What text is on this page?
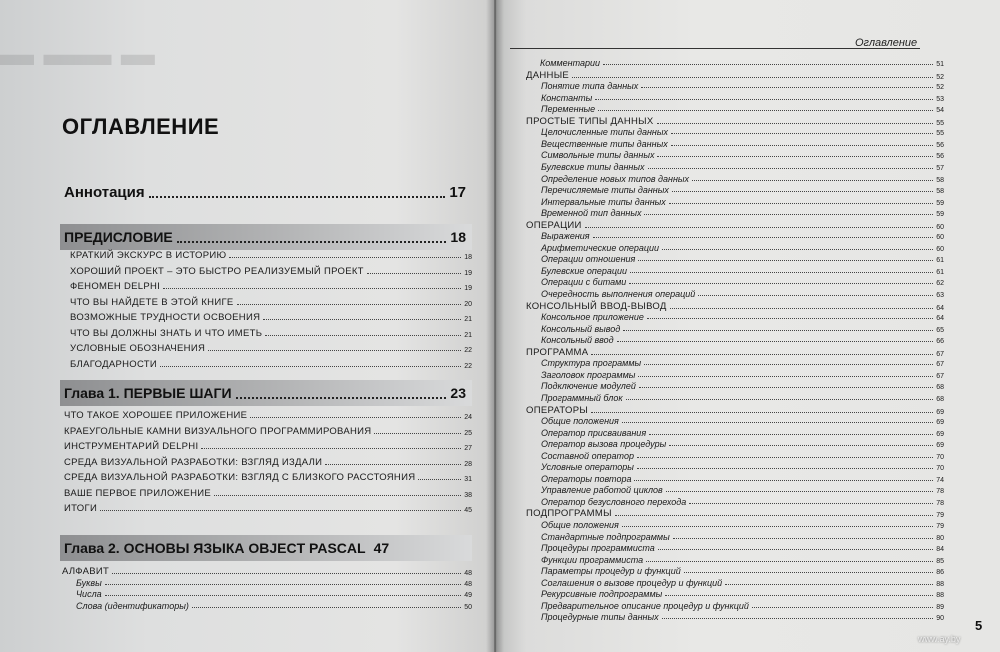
▬ ▬▬ ▬
ОГЛАВЛЕНИЕ
Аннотация	17
ПРЕДИСЛОВИЕ	18
КРАТКИЙ ЭКСКУРС В ИСТОРИЮ	18
ХОРОШИЙ ПРОЕКТ – ЭТО БЫСТРО РЕАЛИЗУЕМЫЙ ПРОЕКТ	19
ФЕНОМЕН DELPHI	19
ЧТО ВЫ НАЙДЕТЕ В ЭТОЙ КНИГЕ	20
ВОЗМОЖНЫЕ ТРУДНОСТИ ОСВОЕНИЯ	21
ЧТО ВЫ ДОЛЖНЫ ЗНАТЬ И ЧТО ИМЕТЬ	21
УСЛОВНЫЕ ОБОЗНАЧЕНИЯ	22
БЛАГОДАРНОСТИ	22
Глава 1. ПЕРВЫЕ ШАГИ	23
ЧТО ТАКОЕ ХОРОШЕЕ ПРИЛОЖЕНИЕ	24
КРАЕУГОЛЬНЫЕ КАМНИ ВИЗУАЛЬНОГО ПРОГРАММИРОВАНИЯ	25
ИНСТРУМЕНТАРИЙ DELPHI	27
СРЕДА ВИЗУАЛЬНОЙ РАЗРАБОТКИ: ВЗГЛЯД ИЗДАЛИ	28
СРЕДА ВИЗУАЛЬНОЙ РАЗРАБОТКИ: ВЗГЛЯД С БЛИЗКОГО РАССТОЯНИЯ	31
ВАШЕ ПЕРВОЕ ПРИЛОЖЕНИЕ	38
ИТОГИ	45
Глава 2. ОСНОВЫ ЯЗЫКА OBJECT PASCAL 47
АЛФАВИТ	48
Буквы	48
Числа	49
Слова (идентификаторы)	50
Комментарии	51
ДАННЫЕ	52
Понятие типа данных	52
Константы	53
Переменные	54
ПРОСТЫЕ ТИПЫ ДАННЫХ	55
Целочисленные типы данных	55
Вещественные типы данных	56
Символьные типы данных	56
Булевские типы данных	57
Определение новых типов данных	58
Перечисляемые типы данных	58
Интервальные типы данных	59
Временной тип данных	59
ОПЕРАЦИИ	60
Выражения	60
Арифметические операции	60
Операции отношения	61
Булевские операции	61
Операции с битами	62
Очередность выполнения операций	63
КОНСОЛЬНЫЙ ВВОД-ВЫВОД	64
Консольное приложение	64
Консольный вывод	65
Консольный ввод	66
ПРОГРАММА	67
Структура программы	67
Заголовок программы	67
Подключение модулей	68
Программный блок	68
ОПЕРАТОРЫ	69
Общие положения	69
Оператор присваивания	69
Оператор вызова процедуры	69
Составной оператор	70
Условные операторы	70
Операторы повтора	74
Управление работой циклов	78
Оператор безусловного перехода	78
ПОДПРОГРАММЫ	79
Общие положения	79
Стандартные подпрограммы	80
Процедуры программиста	84
Функции программиста	85
Параметры процедур и функций	86
Соглашения о вызове процедур и функций	88
Рекурсивные подпрограммы	88
Предварительное описание процедур и функций	89
Процедурные типы данных	90
Оглавление
5
www.ay.by
